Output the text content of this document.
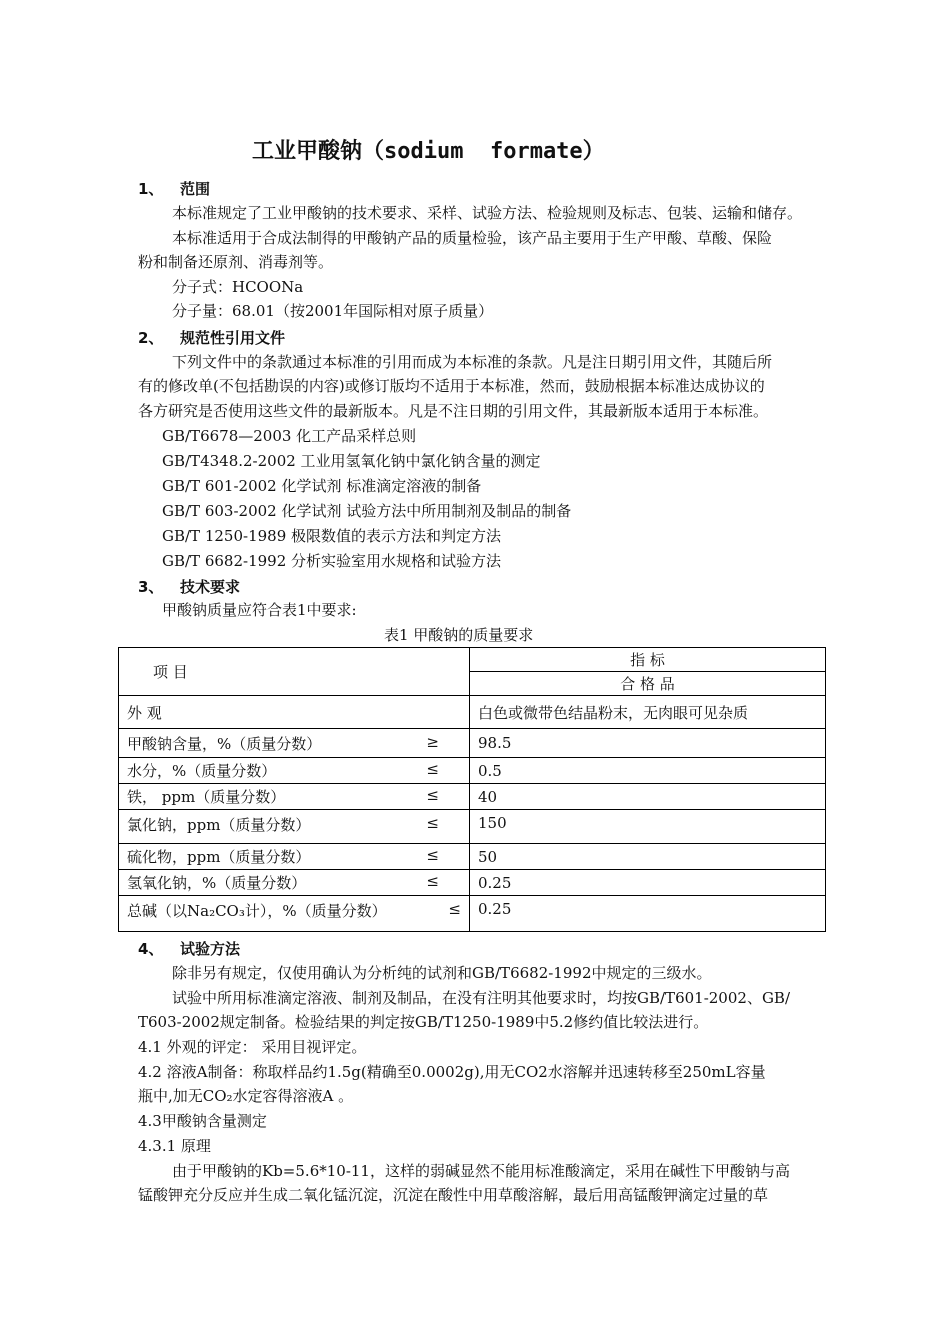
工业甲酸钠（sodium  formate）
1、 范围
本标准规定了工业甲酸钠的技术要求、采样、试验方法、检验规则及标志、包装、运输和储存。
本标准适用于合成法制得的甲酸钠产品的质量检验，该产品主要用于生产甲酸、草酸、保险
粉和制备还原剂、消毒剂等。
分子式：HCOONa
分子量：68.01（按2001年国际相对原子质量）
2、 规范性引用文件
下列文件中的条款通过本标准的引用而成为本标准的条款。凡是注日期引用文件，其随后所
有的修改单(不包括勘误的内容)或修订版均不适用于本标准，然而，鼓励根据本标准达成协议的
各方研究是否使用这些文件的最新版本。凡是不注日期的引用文件，其最新版本适用于本标准。
GB/T6678—2003 化工产品采样总则
GB/T4348.2-2002 工业用氢氧化钠中氯化钠含量的测定
GB/T 601-2002 化学试剂 标准滴定溶液的制备
GB/T 603-2002 化学试剂 试验方法中所用制剂及制品的制备
GB/T 1250-1989 极限数值的表示方法和判定方法
GB/T 6682-1992 分析实验室用水规格和试验方法
3、 技术要求
甲酸钠质量应符合表1中要求:
表1 甲酸钠的质量要求
项 目	指 标
	合 格 品
外 观	白色或微带色结晶粉末，无肉眼可见杂质
甲酸钠含量，%（质量分数） ≥	98.5
水分，%（质量分数） ≤	0.5
铁， ppm（质量分数） ≤	40
氯化钠，ppm（质量分数） ≤	150
硫化物，ppm（质量分数） ≤	50
氢氧化钠，%（质量分数） ≤	0.25
总碱（以Na₂CO₃计），%（质量分数） ≤	0.25
4、 试验方法
除非另有规定，仅使用确认为分析纯的试剂和GB/T6682-1992中规定的三级水。
试验中所用标准滴定溶液、制剂及制品，在没有注明其他要求时，均按GB/T601-2002、GB/
T603-2002规定制备。检验结果的判定按GB/T1250-1989中5.2修约值比较法进行。
4.1 外观的评定： 采用目视评定。
4.2 溶液A制备：称取样品约1.5g(精确至0.0002g),用无CO2水溶解并迅速转移至250mL容量
瓶中,加无CO₂水定容得溶液A 。
4.3甲酸钠含量测定
4.3.1 原理
由于甲酸钠的Kb=5.6*10-11，这样的弱碱显然不能用标准酸滴定，采用在碱性下甲酸钠与高
锰酸钾充分反应并生成二氧化锰沉淀，沉淀在酸性中用草酸溶解，最后用高锰酸钾滴定过量的草
